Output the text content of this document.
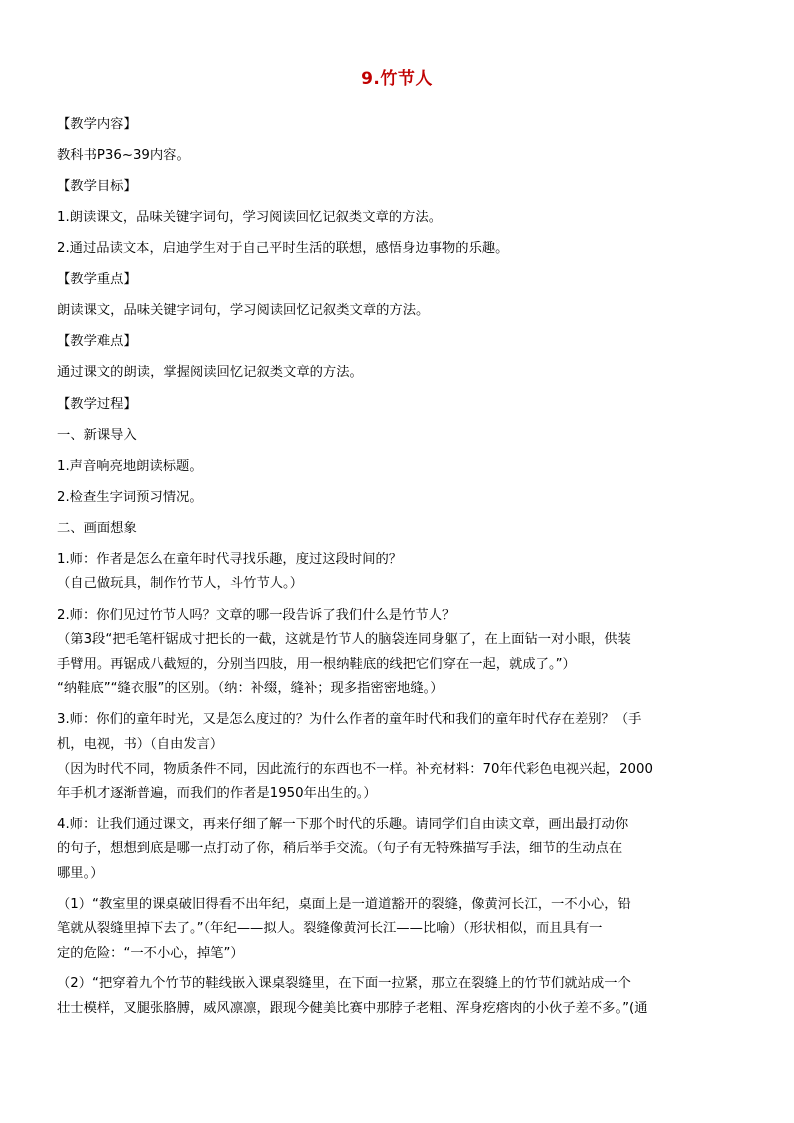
9.竹节人
【教学内容】
教科书P36~39内容。
【教学目标】
1.朗读课文，品味关键字词句，学习阅读回忆记叙类文章的方法。
2.通过品读文本，启迪学生对于自己平时生活的联想，感悟身边事物的乐趣。
【教学重点】
朗读课文，品味关键字词句，学习阅读回忆记叙类文章的方法。
【教学难点】
通过课文的朗读，掌握阅读回忆记叙类文章的方法。
【教学过程】
一、新课导入
1.声音响亮地朗读标题。
2.检查生字词预习情况。
二、画面想象
1.师：作者是怎么在童年时代寻找乐趣，度过这段时间的？
（自己做玩具，制作竹节人，斗竹节人。）
2.师：你们见过竹节人吗？文章的哪一段告诉了我们什么是竹节人？
（第3段“把毛笔杆锯成寸把长的一截，这就是竹节人的脑袋连同身躯了，在上面钻一对小眼，供装
手臂用。再锯成八截短的，分别当四肢，用一根纳鞋底的线把它们穿在一起，就成了。”）
“纳鞋底”“缝衣服”的区别。（纳：补缀，缝补；现多指密密地缝。）
3.师：你们的童年时光，又是怎么度过的？为什么作者的童年时代和我们的童年时代存在差别？（手
机，电视，书）（自由发言）
（因为时代不同，物质条件不同，因此流行的东西也不一样。补充材料：70年代彩色电视兴起，2000
年手机才逐渐普遍，而我们的作者是1950年出生的。）
4.师：让我们通过课文，再来仔细了解一下那个时代的乐趣。请同学们自由读文章，画出最打动你
的句子，想想到底是哪一点打动了你，稍后举手交流。（句子有无特殊描写手法，细节的生动点在
哪里。）
（1）“教室里的课桌破旧得看不出年纪，桌面上是一道道豁开的裂缝，像黄河长江，一不小心，铅
笔就从裂缝里掉下去了。”（年纪——拟人。裂缝像黄河长江——比喻）（形状相似，而且具有一
定的危险：“一不小心，掉笔”）
（2）“把穿着九个竹节的鞋线嵌入课桌裂缝里，在下面一拉紧，那立在裂缝上的竹节们就站成一个
壮士模样，叉腿张胳膊，威风凛凛，跟现今健美比赛中那脖子老粗、浑身疙瘩肉的小伙子差不多。”(通
